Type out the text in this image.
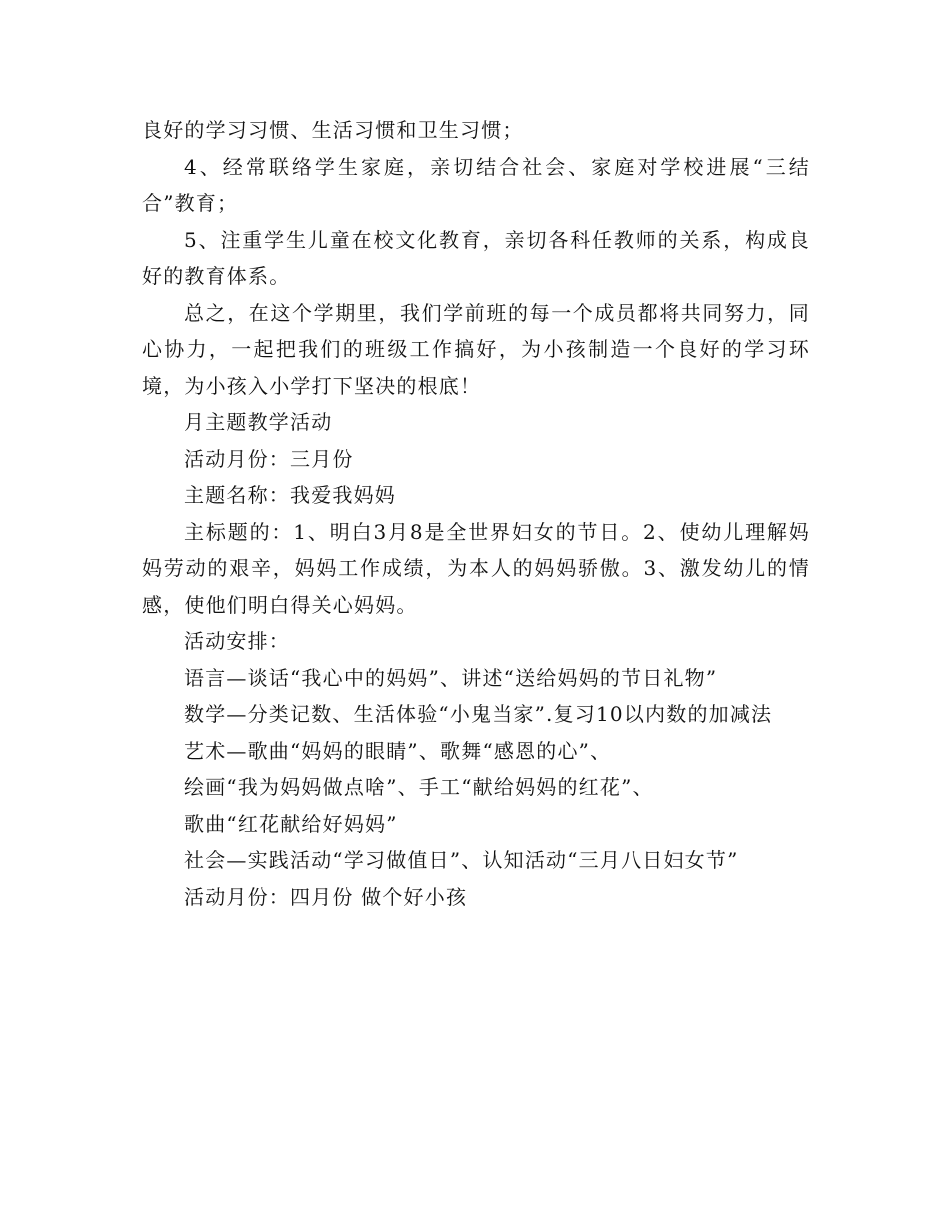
良好的学习习惯、生活习惯和卫生习惯；

4、经常联络学生家庭，亲切结合社会、家庭对学校进展“三结合”教育；

5、注重学生儿童在校文化教育，亲切各科任教师的关系，构成良好的教育体系。

总之，在这个学期里，我们学前班的每一个成员都将共同努力，同心协力，一起把我们的班级工作搞好，为小孩制造一个良好的学习环境，为小孩入小学打下坚决的根底！

月主题教学活动

活动月份：三月份

主题名称：我爱我妈妈

主标题的：1、明白3月8是全世界妇女的节日。2、使幼儿理解妈妈劳动的艰辛，妈妈工作成绩，为本人的妈妈骄傲。3、激发幼儿的情感，使他们明白得关心妈妈。

活动安排：

语言—谈话“我心中的妈妈”、讲述“送给妈妈的节日礼物”

数学—分类记数、生活体验“小鬼当家”.复习10以内数的加减法

艺术—歌曲“妈妈的眼睛”、歌舞“感恩的心”、

绘画“我为妈妈做点啥”、手工“献给妈妈的红花”、

歌曲“红花献给好妈妈”

社会—实践活动“学习做值日”、认知活动“三月八日妇女节”

活动月份：四月份 做个好小孩
